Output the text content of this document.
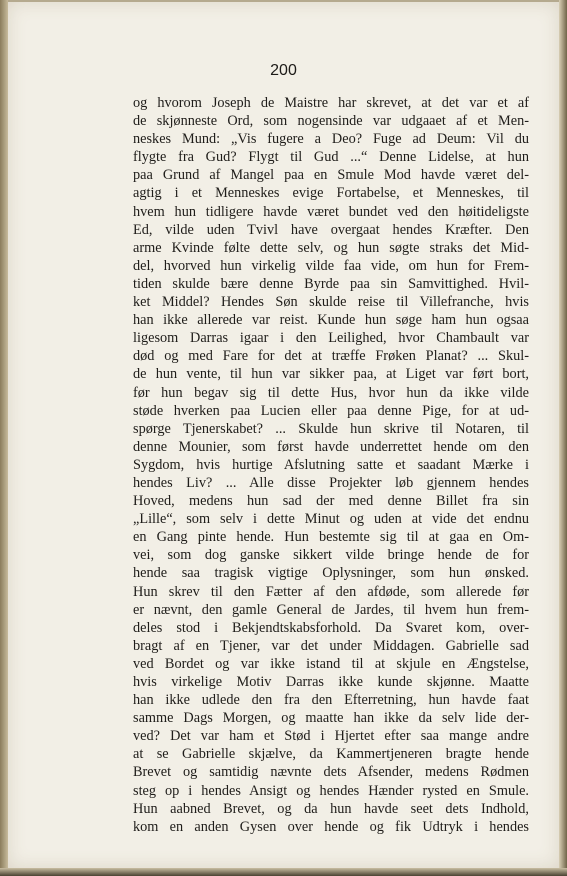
200
og hvorom Joseph de Maistre har skrevet, at det var et af
de skjønneste Ord, som nogensinde var udgaaet af et Men-
neskes Mund: „Vis fugere a Deo? Fuge ad Deum: Vil du
flygte fra Gud? Flygt til Gud ...“ Denne Lidelse, at hun
paa Grund af Mangel paa en Smule Mod havde været del-
agtig i et Menneskes evige Fortabelse, et Menneskes, til
hvem hun tidligere havde været bundet ved den høitideligste
Ed, vilde uden Tvivl have overgaat hendes Kræfter. Den
arme Kvinde følte dette selv, og hun søgte straks det Mid-
del, hvorved hun virkelig vilde faa vide, om hun for Frem-
tiden skulde bære denne Byrde paa sin Samvittighed. Hvil-
ket Middel? Hendes Søn skulde reise til Villefranche, hvis
han ikke allerede var reist. Kunde hun søge ham hun ogsaa
ligesom Darras igaar i den Leilighed, hvor Chambault var
død og med Fare for det at træffe Frøken Planat? ... Skul-
de hun vente, til hun var sikker paa, at Liget var ført bort,
før hun begav sig til dette Hus, hvor hun da ikke vilde
støde hverken paa Lucien eller paa denne Pige, for at ud-
spørge Tjenerskabet? ... Skulde hun skrive til Notaren, til
denne Mounier, som først havde underrettet hende om den
Sygdom, hvis hurtige Afslutning satte et saadant Mærke i
hendes Liv? ... Alle disse Projekter løb gjennem hendes
Hoved, medens hun sad der med denne Billet fra sin
„Lille“, som selv i dette Minut og uden at vide det endnu
en Gang pinte hende. Hun bestemte sig til at gaa en Om-
vei, som dog ganske sikkert vilde bringe hende de for
hende saa tragisk vigtige Oplysninger, som hun ønsked.
Hun skrev til den Fætter af den afdøde, som allerede før
er nævnt, den gamle General de Jardes, til hvem hun frem-
deles stod i Bekjendtskabsforhold. Da Svaret kom, over-
bragt af en Tjener, var det under Middagen. Gabrielle sad
ved Bordet og var ikke istand til at skjule en Ængstelse,
hvis virkelige Motiv Darras ikke kunde skjønne. Maatte
han ikke udlede den fra den Efterretning, hun havde faat
samme Dags Morgen, og maatte han ikke da selv lide der-
ved? Det var ham et Stød i Hjertet efter saa mange andre
at se Gabrielle skjælve, da Kammertjeneren bragte hende
Brevet og samtidig nævnte dets Afsender, medens Rødmen
steg op i hendes Ansigt og hendes Hænder rysted en Smule.
Hun aabned Brevet, og da hun havde seet dets Indhold,
kom en anden Gysen over hende og fik Udtryk i hendes
